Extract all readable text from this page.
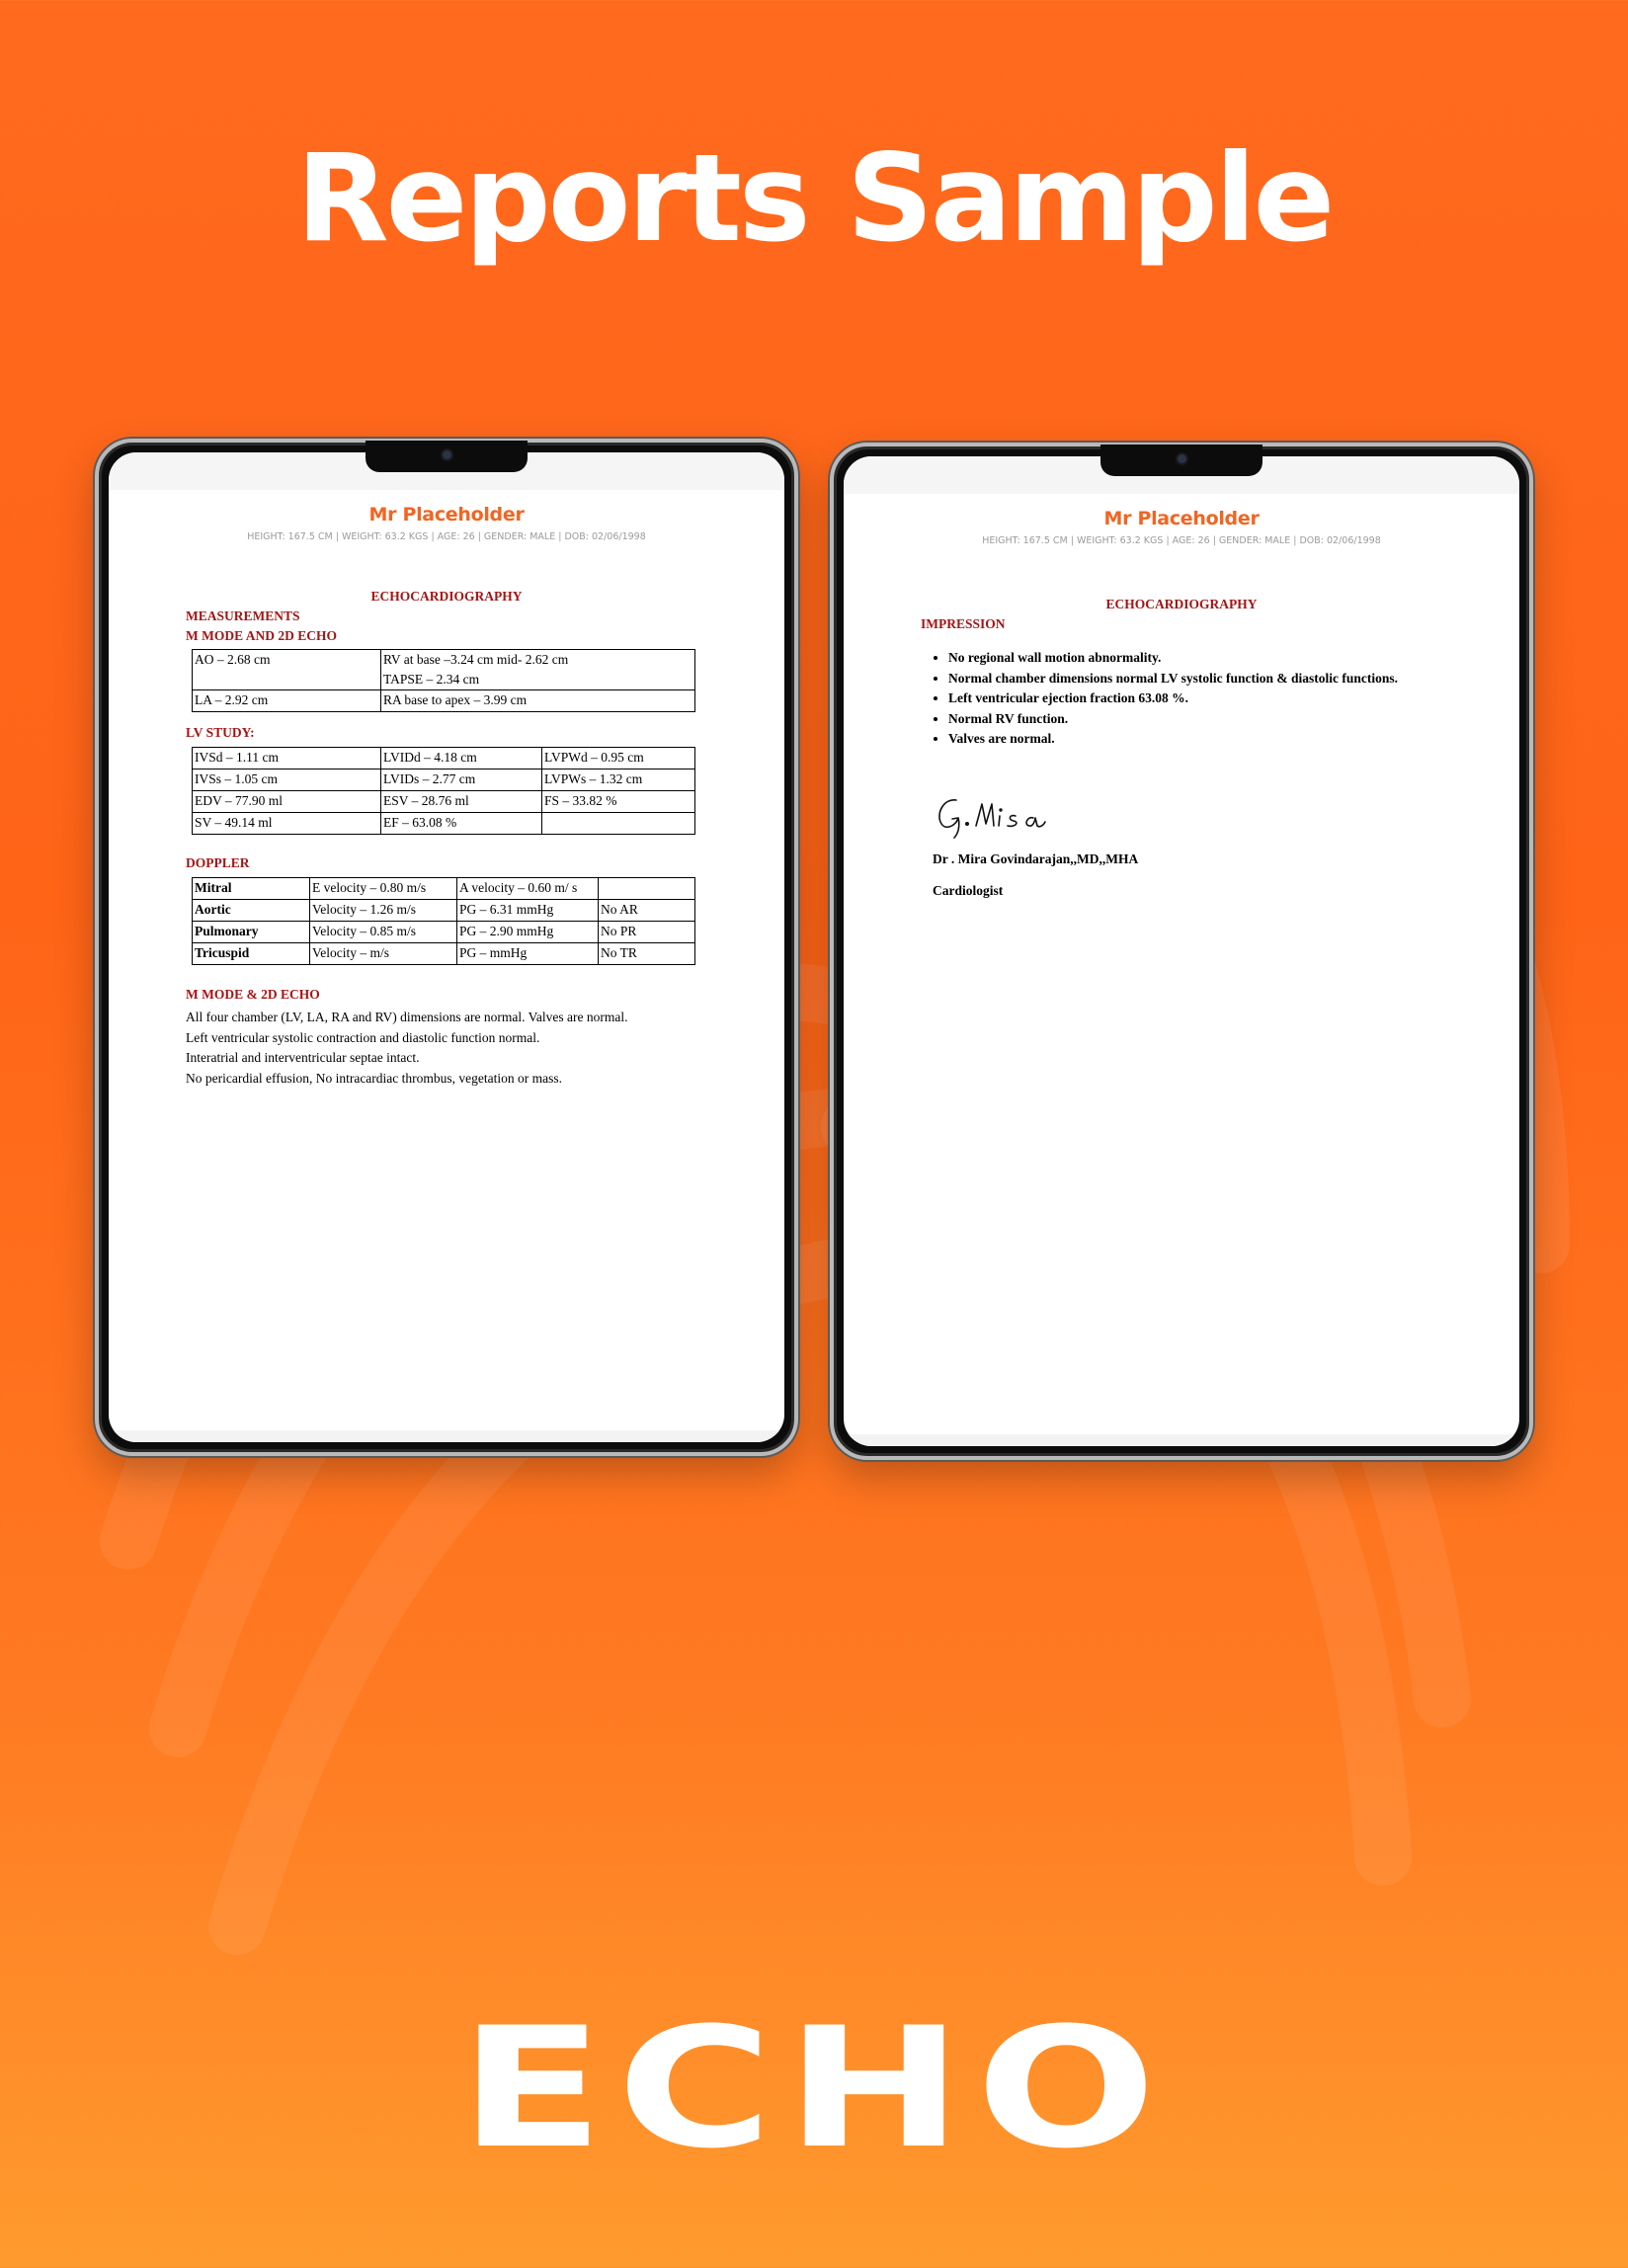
Reports Sample
Mr Placeholder
HEIGHT: 167.5 CM | WEIGHT: 63.2 KGS | AGE: 26 | GENDER: MALE | DOB: 02/06/1998
ECHOCARDIOGRAPHY
MEASUREMENTS
M MODE AND 2D ECHO
AO – 2.68 cm	RV at base –3.24 cm mid- 2.62 cm
TAPSE – 2.34 cm

LA – 2.92 cm	RA base to apex – 3.99 cm
LV STUDY:
IVSd – 1.11 cm	LVIDd – 4.18 cm	LVPWd – 0.95 cm
IVSs – 1.05 cm	LVIDs – 2.77 cm	LVPWs – 1.32 cm
EDV – 77.90 ml	ESV – 28.76 ml	FS – 33.82 %
SV – 49.14 ml	EF – 63.08 %	
DOPPLER
Mitral	E velocity – 0.80 m/s	A velocity – 0.60 m/ s	
Aortic	Velocity – 1.26 m/s	PG – 6.31 mmHg	No AR
Pulmonary	Velocity – 0.85 m/s	PG – 2.90 mmHg	No PR
Tricuspid	Velocity – m/s	PG – mmHg	No TR
M MODE & 2D ECHO
All four chamber (LV, LA, RA and RV) dimensions are normal. Valves are normal.
Left ventricular systolic contraction and diastolic function normal.
Interatrial and interventricular septae intact.
No pericardial effusion, No intracardiac thrombus, vegetation or mass.
Mr Placeholder
HEIGHT: 167.5 CM | WEIGHT: 63.2 KGS | AGE: 26 | GENDER: MALE | DOB: 02/06/1998
ECHOCARDIOGRAPHY
IMPRESSION
• No regional wall motion abnormality.
• Normal chamber dimensions normal LV systolic function & diastolic functions.
• Left ventricular ejection fraction 63.08 %.
• Normal RV function.
• Valves are normal.
Dr . Mira Govindarajan,,MD,,MHA
Cardiologist
ECHO
